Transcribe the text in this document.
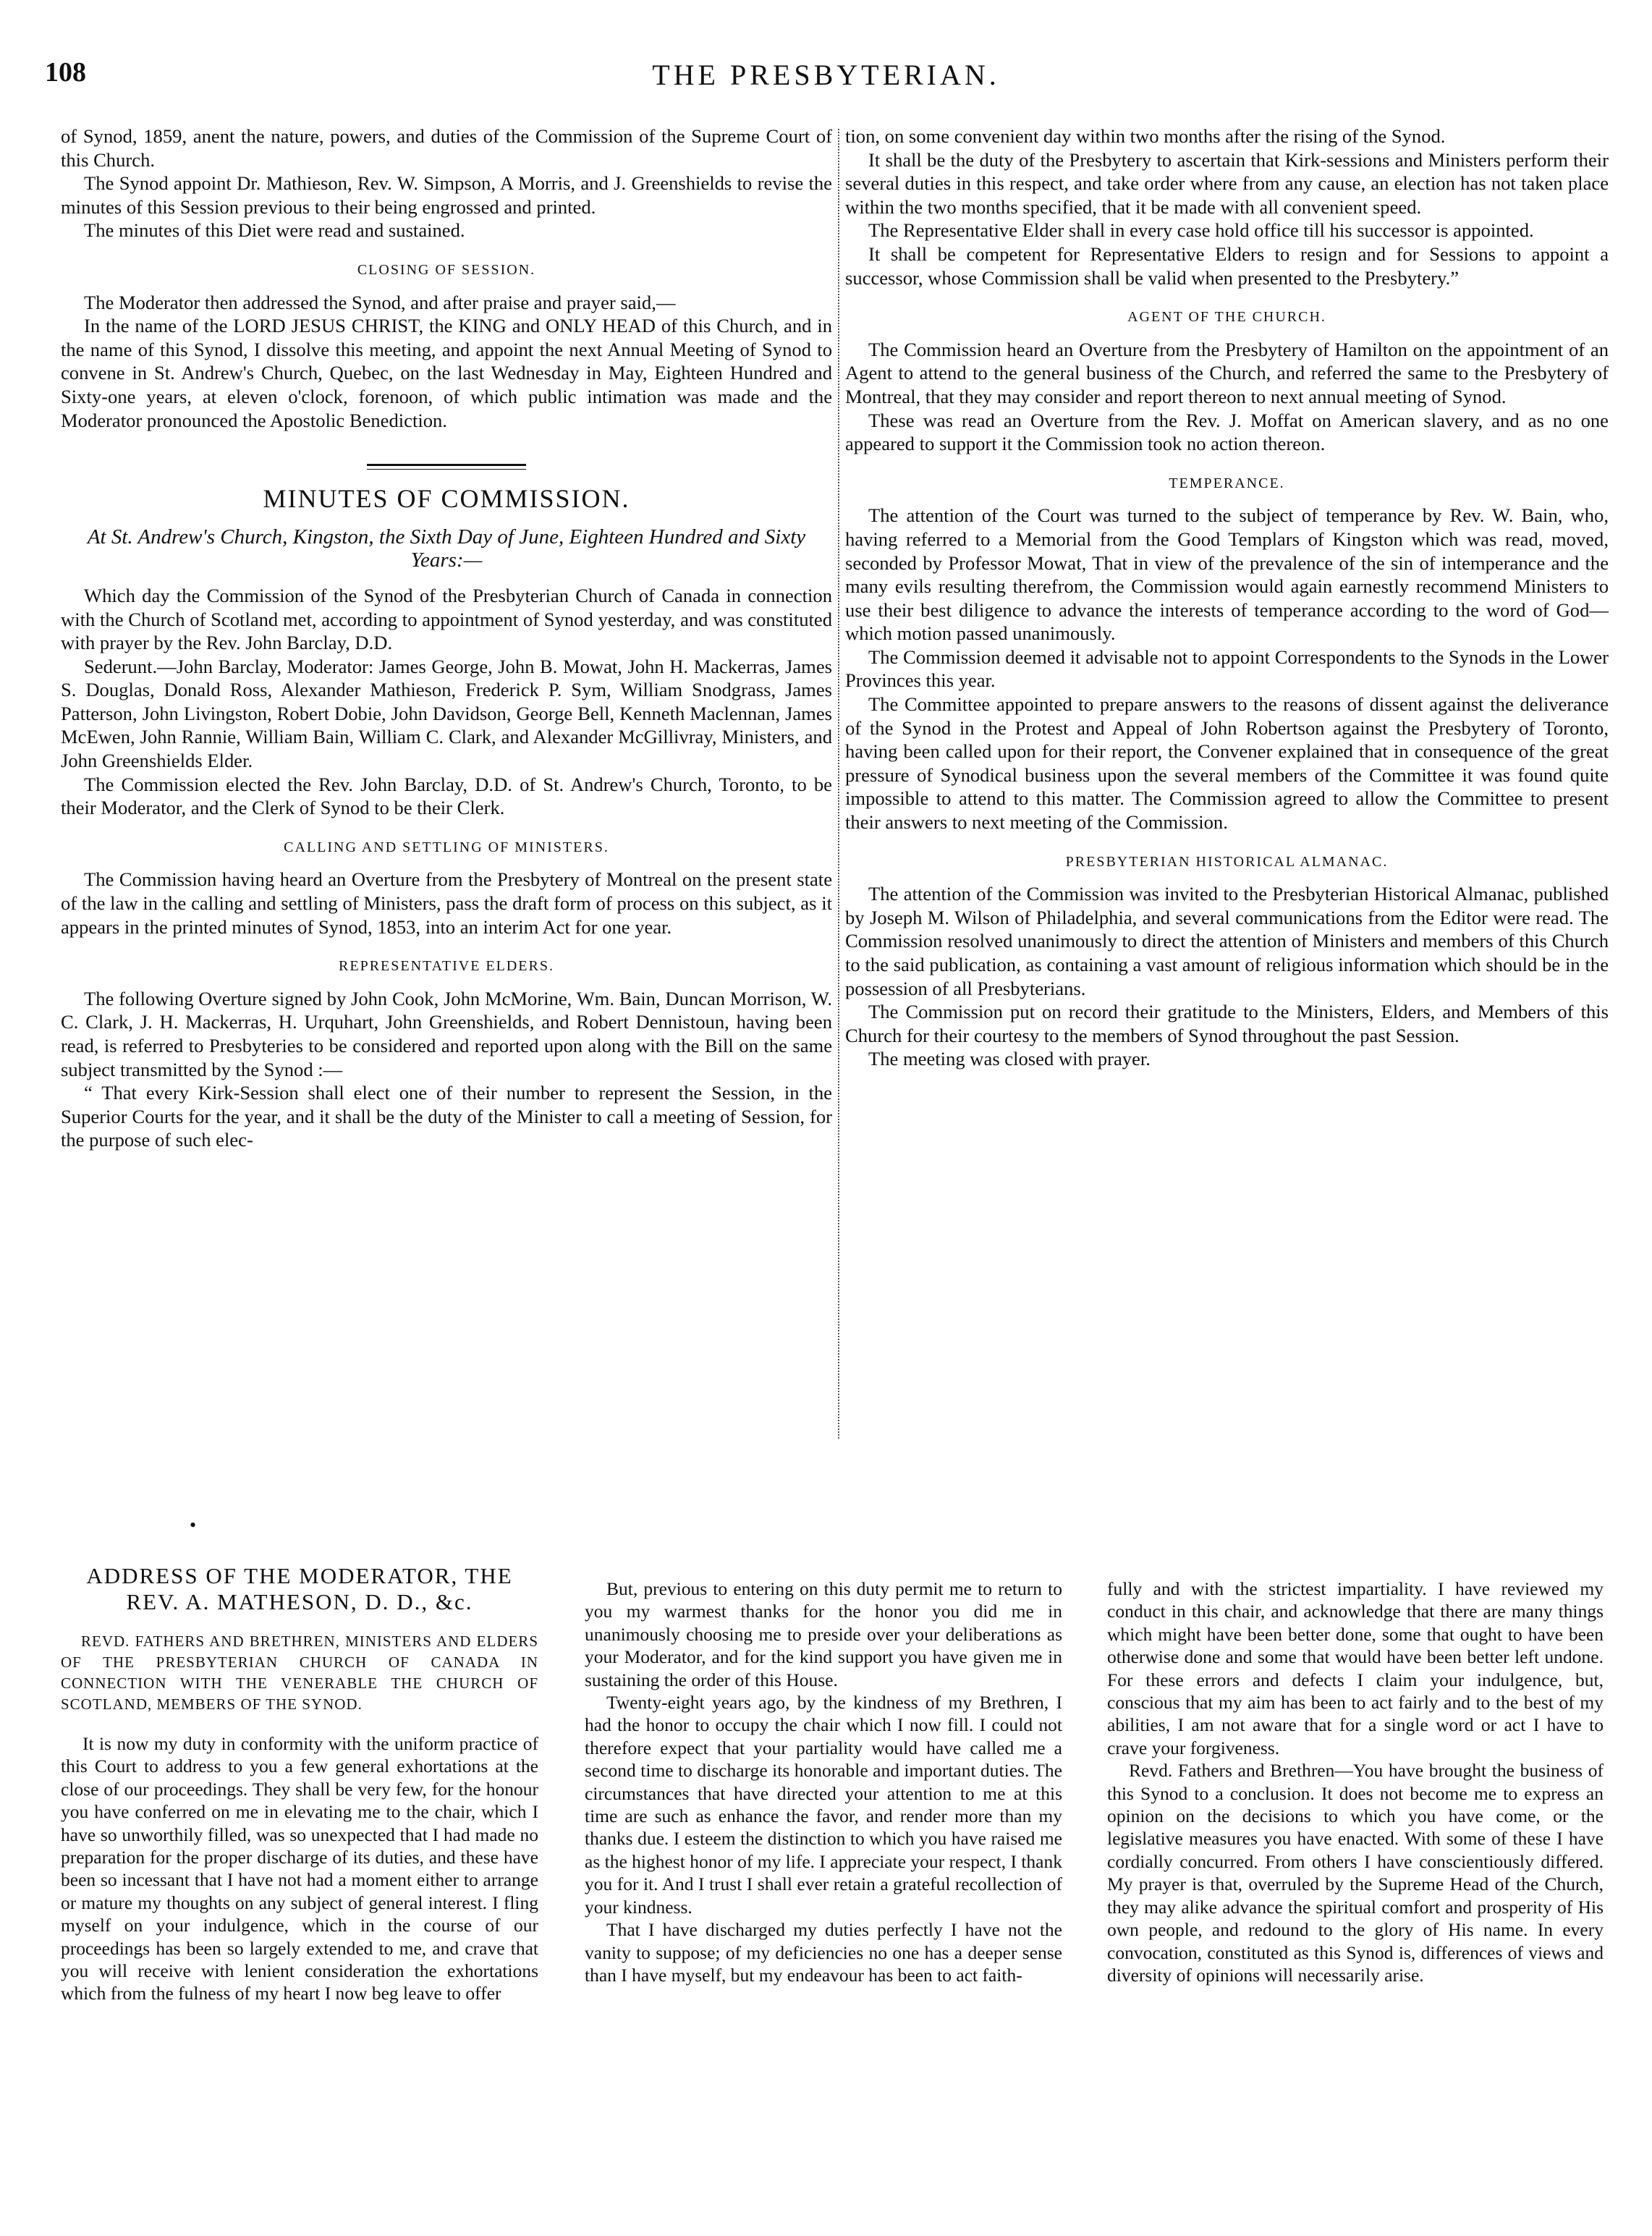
108	THE PRESBYTERIAN.

of Synod, 1859, anent the nature, powers, and duties of the Commission of the Supreme Court of this Church.

The Synod appoint Dr. Mathieson, Rev. W. Simpson, A Morris, and J. Greenshields to revise the minutes of this Session previous to their being engrossed and printed.

The minutes of this Diet were read and sustained.

CLOSING OF SESSION.

The Moderator then addressed the Synod, and after praise and prayer said,—

In the name of the LORD JESUS CHRIST, the KING and ONLY HEAD of this Church, and in the name of this Synod, I dissolve this meeting, and appoint the next Annual Meeting of Synod to convene in St. Andrew's Church, Quebec, on the last Wednesday in May, Eighteen Hundred and Sixty-one years, at eleven o'clock, forenoon, of which public intimation was made and the Moderator pronounced the Apostolic Benediction.

MINUTES OF COMMISSION.

At St. Andrew's Church, Kingston, the Sixth Day of June, Eighteen Hundred and Sixty Years:—

Which day the Commission of the Synod of the Presbyterian Church of Canada in connection with the Church of Scotland met, according to appointment of Synod yesterday, and was constituted with prayer by the Rev. John Barclay, D.D.

Sederunt.—John Barclay, Moderator: James George, John B. Mowat, John H. Mackerras, James S. Douglas, Donald Ross, Alexander Mathieson, Frederick P. Sym, William Snodgrass, James Patterson, John Livingston, Robert Dobie, John Davidson, George Bell, Kenneth Maclennan, James McEwen, John Rannie, William Bain, William C. Clark, and Alexander McGillivray, Ministers, and John Greenshields Elder.

The Commission elected the Rev. John Barclay, D.D. of St. Andrew's Church, Toronto, to be their Moderator, and the Clerk of Synod to be their Clerk.

CALLING AND SETTLING OF MINISTERS.

The Commission having heard an Overture from the Presbytery of Montreal on the present state of the law in the calling and settling of Ministers, pass the draft form of process on this subject, as it appears in the printed minutes of Synod, 1853, into an interim Act for one year.

REPRESENTATIVE ELDERS.

The following Overture signed by John Cook, John McMorine, Wm. Bain, Duncan Morrison, W. C. Clark, J. H. Mackerras, H. Urquhart, John Greenshields, and Robert Dennistoun, having been read, is referred to Presbyteries to be considered and reported upon along with the Bill on the same subject transmitted by the Synod :—

“ That every Kirk-Session shall elect one of their number to represent the Session, in the Superior Courts for the year, and it shall be the duty of the Minister to call a meeting of Session, for the purpose of such elec-

tion, on some convenient day within two months after the rising of the Synod.

It shall be the duty of the Presbytery to ascertain that Kirk-sessions and Ministers perform their several duties in this respect, and take order where from any cause, an election has not taken place within the two months specified, that it be made with all convenient speed.

The Representative Elder shall in every case hold office till his successor is appointed.

It shall be competent for Representative Elders to resign and for Sessions to appoint a successor, whose Commission shall be valid when presented to the Presbytery.”

AGENT OF THE CHURCH.

The Commission heard an Overture from the Presbytery of Hamilton on the appointment of an Agent to attend to the general business of the Church, and referred the same to the Presbytery of Montreal, that they may consider and report thereon to next annual meeting of Synod.

These was read an Overture from the Rev. J. Moffat on American slavery, and as no one appeared to support it the Commission took no action thereon.

TEMPERANCE.

The attention of the Court was turned to the subject of temperance by Rev. W. Bain, who, having referred to a Memorial from the Good Templars of Kingston which was read, moved, seconded by Professor Mowat, That in view of the prevalence of the sin of intemperance and the many evils resulting therefrom, the Commission would again earnestly recommend Ministers to use their best diligence to advance the interests of temperance according to the word of God—which motion passed unanimously.

The Commission deemed it advisable not to appoint Correspondents to the Synods in the Lower Provinces this year.

The Committee appointed to prepare answers to the reasons of dissent against the deliverance of the Synod in the Protest and Appeal of John Robertson against the Presbytery of Toronto, having been called upon for their report, the Convener explained that in consequence of the great pressure of Synodical business upon the several members of the Committee it was found quite impossible to attend to this matter. The Commission agreed to allow the Committee to present their answers to next meeting of the Commission.

PRESBYTERIAN HISTORICAL ALMANAC.

The attention of the Commission was invited to the Presbyterian Historical Almanac, published by Joseph M. Wilson of Philadelphia, and several communications from the Editor were read. The Commission resolved unanimously to direct the attention of Ministers and members of this Church to the said publication, as containing a vast amount of religious information which should be in the possession of all Presbyterians.

The Commission put on record their gratitude to the Ministers, Elders, and Members of this Church for their courtesy to the members of Synod throughout the past Session.

The meeting was closed with prayer.

•

ADDRESS OF THE MODERATOR, THE REV. A. MATHESON, D. D., &c.

REVD. FATHERS AND BRETHREN, MINISTERS AND ELDERS OF THE PRESBYTERIAN CHURCH OF CANADA IN CONNECTION WITH THE VENERABLE THE CHURCH OF SCOTLAND, MEMBERS OF THE SYNOD.

It is now my duty in conformity with the uniform practice of this Court to address to you a few general exhortations at the close of our proceedings. They shall be very few, for the honour you have conferred on me in elevating me to the chair, which I have so unworthily filled, was so unexpected that I had made no preparation for the proper discharge of its duties, and these have been so incessant that I have not had a moment either to arrange or mature my thoughts on any subject of general interest. I fling myself on your indulgence, which in the course of our proceedings has been so largely extended to me, and crave that you will receive with lenient consideration the exhortations which from the fulness of my heart I now beg leave to offer

But, previous to entering on this duty permit me to return to you my warmest thanks for the honor you did me in unanimously choosing me to preside over your deliberations as your Moderator, and for the kind support you have given me in sustaining the order of this House.

Twenty-eight years ago, by the kindness of my Brethren, I had the honor to occupy the chair which I now fill. I could not therefore expect that your partiality would have called me a second time to discharge its honorable and important duties. The circumstances that have directed your attention to me at this time are such as enhance the favor, and render more than my thanks due. I esteem the distinction to which you have raised me as the highest honor of my life. I appreciate your respect, I thank you for it. And I trust I shall ever retain a grateful recollection of your kindness.

That I have discharged my duties perfectly I have not the vanity to suppose; of my deficiencies no one has a deeper sense than I have myself, but my endeavour has been to act faith-

fully and with the strictest impartiality. I have reviewed my conduct in this chair, and acknowledge that there are many things which might have been better done, some that ought to have been otherwise done and some that would have been better left undone. For these errors and defects I claim your indulgence, but, conscious that my aim has been to act fairly and to the best of my abilities, I am not aware that for a single word or act I have to crave your forgiveness.

Revd. Fathers and Brethren—You have brought the business of this Synod to a conclusion. It does not become me to express an opinion on the decisions to which you have come, or the legislative measures you have enacted. With some of these I have cordially concurred. From others I have conscientiously differed. My prayer is that, overruled by the Supreme Head of the Church, they may alike advance the spiritual comfort and prosperity of His own people, and redound to the glory of His name. In every convocation, constituted as this Synod is, differences of views and diversity of opinions will necessarily arise.
